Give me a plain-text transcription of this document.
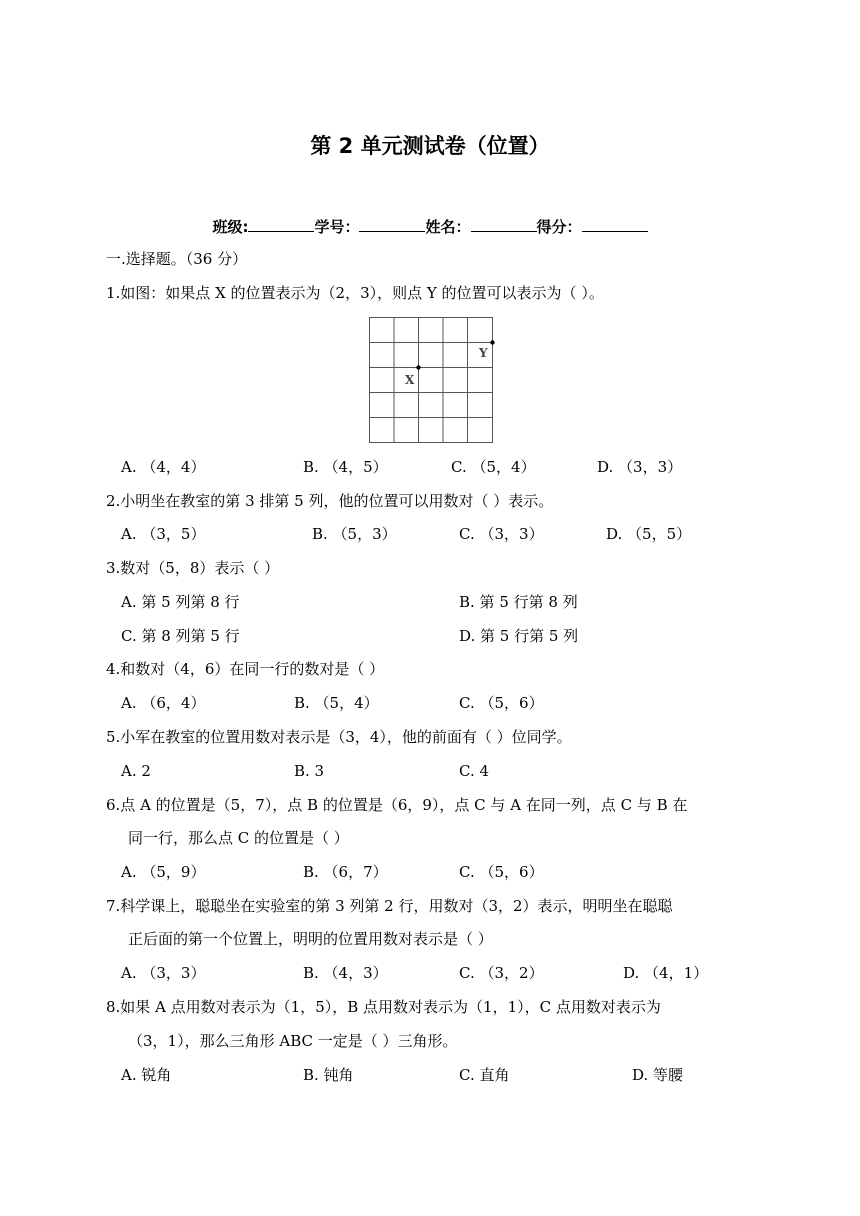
第 2 单元测试卷（位置）
班级:	学号：	姓名：	得分：
一.选择题。（36 分）
1.如图：如果点 X 的位置表示为（2，3），则点 Y 的位置可以表示为（ ）。
X
Y
A. （4，4）	B. （4，5）	C. （5，4）	D. （3，3）
2.小明坐在教室的第 3 排第 5 列，他的位置可以用数对（ ）表示。
A. （3，5）	B. （5，3）	C. （3，3）	D. （5，5）
3.数对（5，8）表示（ ）
A. 第 5 列第 8 行	B. 第 5 行第 8 列
C. 第 8 列第 5 行	D. 第 5 行第 5 列
4.和数对（4，6）在同一行的数对是（ ）
A. （6，4）	B. （5，4）	C. （5，6）
5.小军在教室的位置用数对表示是（3，4），他的前面有（ ）位同学。
A. 2	B. 3	C. 4
6.点 A 的位置是（5，7），点 B 的位置是（6，9），点 C 与 A 在同一列，点 C 与 B 在
同一行，那么点 C 的位置是（ ）
A. （5，9）	B. （6，7）	C. （5，6）
7.科学课上，聪聪坐在实验室的第 3 列第 2 行，用数对（3，2）表示，明明坐在聪聪
正后面的第一个位置上，明明的位置用数对表示是（ ）
A. （3，3）	B. （4，3）	C. （3，2）	D. （4，1）
8.如果 A 点用数对表示为（1，5），B 点用数对表示为（1，1），C 点用数对表示为
（3，1），那么三角形 ABC 一定是（ ）三角形。
A. 锐角	B. 钝角	C. 直角	D. 等腰
